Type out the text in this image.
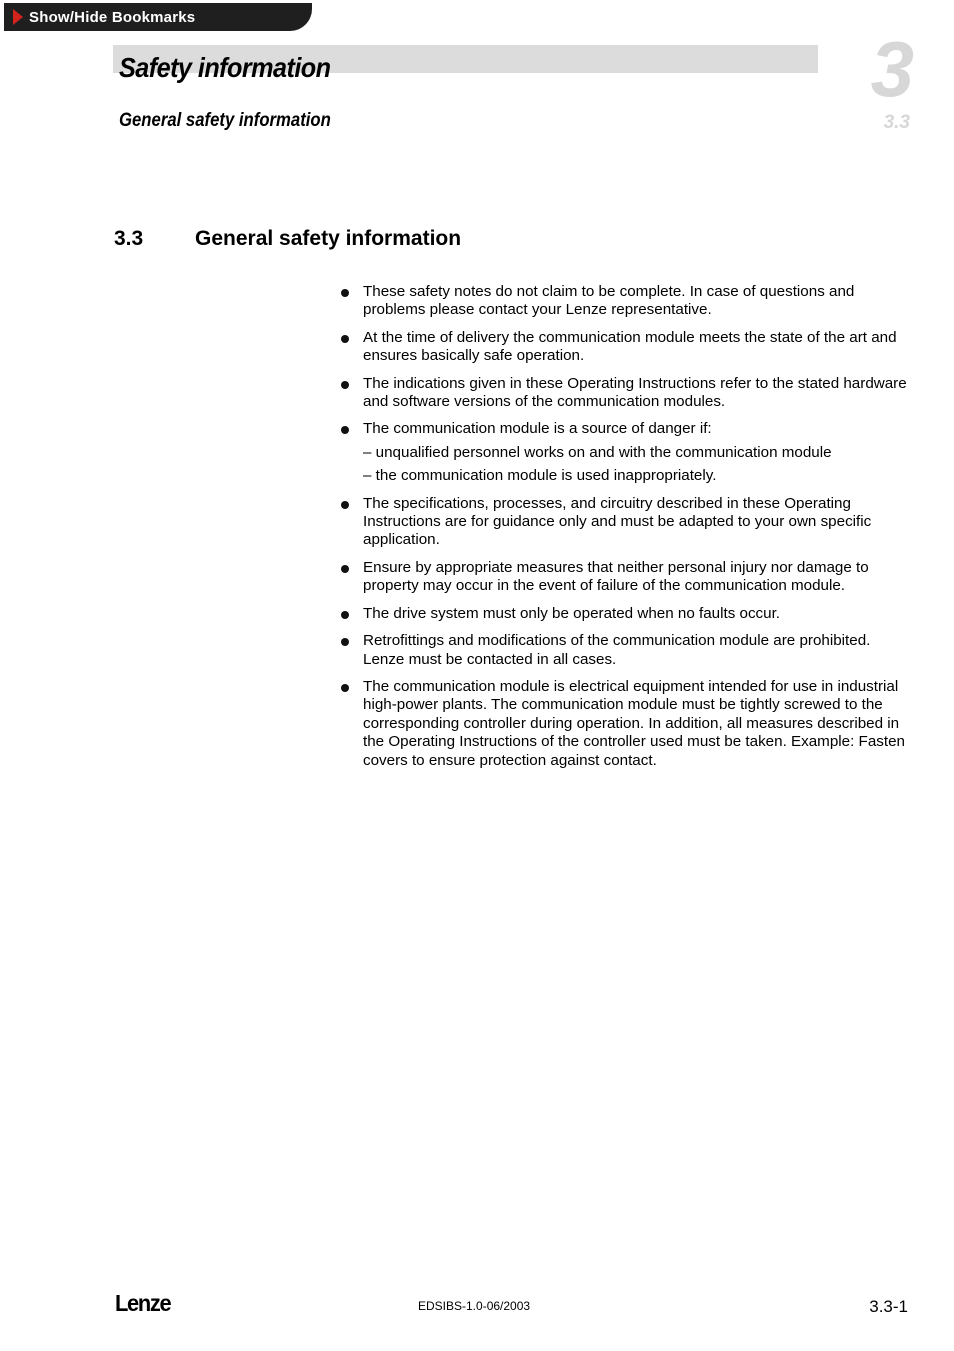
Show/Hide Bookmarks
Safety information
General safety information
3
3.3
3.3 General safety information
These safety notes do not claim to be complete. In case of questions and problems please contact your Lenze representative.
At the time of delivery the communication module meets the state of the art and ensures basically safe operation.
The indications given in these Operating Instructions refer to the stated hardware and software versions of the communication modules.
The communication module is a source of danger if:
– unqualified personnel works on and with the communication module
– the communication module is used inappropriately.
The specifications, processes, and circuitry described in these Operating Instructions are for guidance only and must be adapted to your own specific application.
Ensure by appropriate measures that neither personal injury nor damage to property may occur in the event of failure of the communication module.
The drive system must only be operated when no faults occur.
Retrofittings and modifications of the communication module are prohibited. Lenze must be contacted in all cases.
The communication module is electrical equipment intended for use in industrial high-power plants. The communication module must be tightly screwed to the corresponding controller during operation. In addition, all measures described in the Operating Instructions of the controller used must be taken. Example: Fasten covers to ensure protection against contact.
Lenze	EDSIBS-1.0-06/2003	3.3-1
